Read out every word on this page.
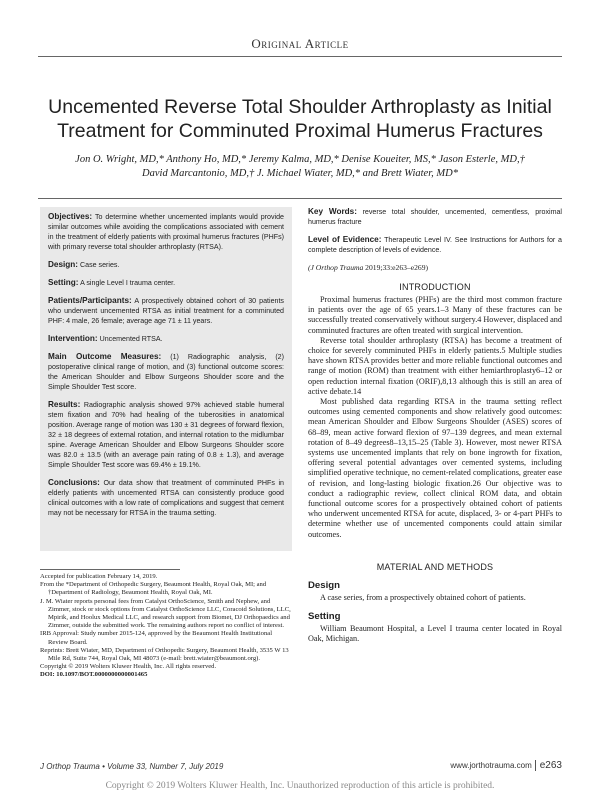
Original Article
Uncemented Reverse Total Shoulder Arthroplasty as Initial
Treatment for Comminuted Proximal Humerus Fractures
Jon O. Wright, MD,* Anthony Ho, MD,* Jeremy Kalma, MD,* Denise Koueiter, MS,* Jason Esterle, MD,†
David Marcantonio, MD,† J. Michael Wiater, MD,* and Brett Wiater, MD*

Objectives: To determine whether uncemented implants would provide similar outcomes while avoiding the complications associated with cement in the treatment of elderly patients with proximal humerus fractures (PHFs) with primary reverse total shoulder arthroplasty (RTSA).

Design: Case series.

Setting: A single Level I trauma center.

Patients/Participants: A prospectively obtained cohort of 30 patients who underwent uncemented RTSA as initial treatment for a comminuted PHF: 4 male, 26 female; average age 71 ± 11 years.

Intervention: Uncemented RTSA.

Main Outcome Measures: (1) Radiographic analysis, (2) postoperative clinical range of motion, and (3) functional outcome scores: the American Shoulder and Elbow Surgeons Shoulder score and the Simple Shoulder Test score.

Results: Radiographic analysis showed 97% achieved stable humeral stem fixation and 70% had healing of the tuberosities in anatomical position. Average range of motion was 130 ± 31 degrees of forward flexion, 32 ± 18 degrees of external rotation, and internal rotation to the midlumbar spine. Average American Shoulder and Elbow Surgeons Shoulder score was 82.0 ± 13.5 (with an average pain rating of 0.8 ± 1.3), and average Simple Shoulder Test score was 69.4% ± 19.1%.

Conclusions: Our data show that treatment of comminuted PHFs in elderly patients with uncemented RTSA can consistently produce good clinical outcomes with a low rate of complications and suggest that cement may not be necessary for RTSA in the trauma setting.

Accepted for publication February 14, 2019.

From the *Department of Orthopedic Surgery, Beaumont Health, Royal Oak, MI; and †Department of Radiology, Beaumont Health, Royal Oak, MI.

J. M. Wiater reports personal fees from Catalyst OrthoScience, Smith and Nephew, and Zimmer, stock or stock options from Catalyst OrthoScience LLC, Coracoid Solutions, LLC, Mpirik, and Hoolux Medical LLC, and research support from Biomet, DJ Orthopaedics and Zimmer, outside the submitted work. The remaining authors report no conflict of interest.

IRB Approval: Study number 2015-124, approved by the Beaumont Health Institutional Review Board.

Reprints: Brett Wiater, MD, Department of Orthopedic Surgery, Beaumont Health, 3535 W 13 Mile Rd, Suite 744, Royal Oak, MI 48073 (e-mail: brett.wiater@beaumont.org).

Copyright © 2019 Wolters Kluwer Health, Inc. All rights reserved.

DOI: 10.1097/BOT.0000000000001465

Key Words: reverse total shoulder, uncemented, cementless, proximal humerus fracture

Level of Evidence: Therapeutic Level IV. See Instructions for Authors for a complete description of levels of evidence.

(J Orthop Trauma 2019;33:e263–e269)

INTRODUCTION

Proximal humerus fractures (PHFs) are the third most common fracture in patients over the age of 65 years.1–3 Many of these fractures can be successfully treated conservatively without surgery.4 However, displaced and comminuted fractures are often treated with surgical intervention.

Reverse total shoulder arthroplasty (RTSA) has become a treatment of choice for severely comminuted PHFs in elderly patients.5 Multiple studies have shown RTSA provides better and more reliable functional outcomes and range of motion (ROM) than treatment with either hemiarthroplasty6–12 or open reduction internal fixation (ORIF),8,13 although this is still an area of active debate.14

Most published data regarding RTSA in the trauma setting reflect outcomes using cemented components and show relatively good outcomes: mean American Shoulder and Elbow Surgeons Shoulder (ASES) scores of 68–89, mean active forward flexion of 97–139 degrees, and mean external rotation of 8–49 degrees8–13,15–25 (Table 3). However, most newer RTSA systems use uncemented implants that rely on bone ingrowth for fixation, offering several potential advantages over cemented systems, including simplified operative technique, no cement-related complications, greater ease of revision, and long-lasting biologic fixation.26 Our objective was to conduct a radiographic review, collect clinical ROM data, and obtain functional outcome scores for a prospectively obtained cohort of patients who underwent uncemented RTSA for acute, displaced, 3- or 4-part PHFs to determine whether use of uncemented components could attain similar outcomes.

MATERIAL AND METHODS
Design

A case series, from a prospectively obtained cohort of patients.

Setting

William Beaumont Hospital, a Level I trauma center located in Royal Oak, Michigan.

J Orthop Trauma • Volume 33, Number 7, July 2019	www.jorthotrauma.com e263
Copyright © 2019 Wolters Kluwer Health, Inc. Unauthorized reproduction of this article is prohibited.
